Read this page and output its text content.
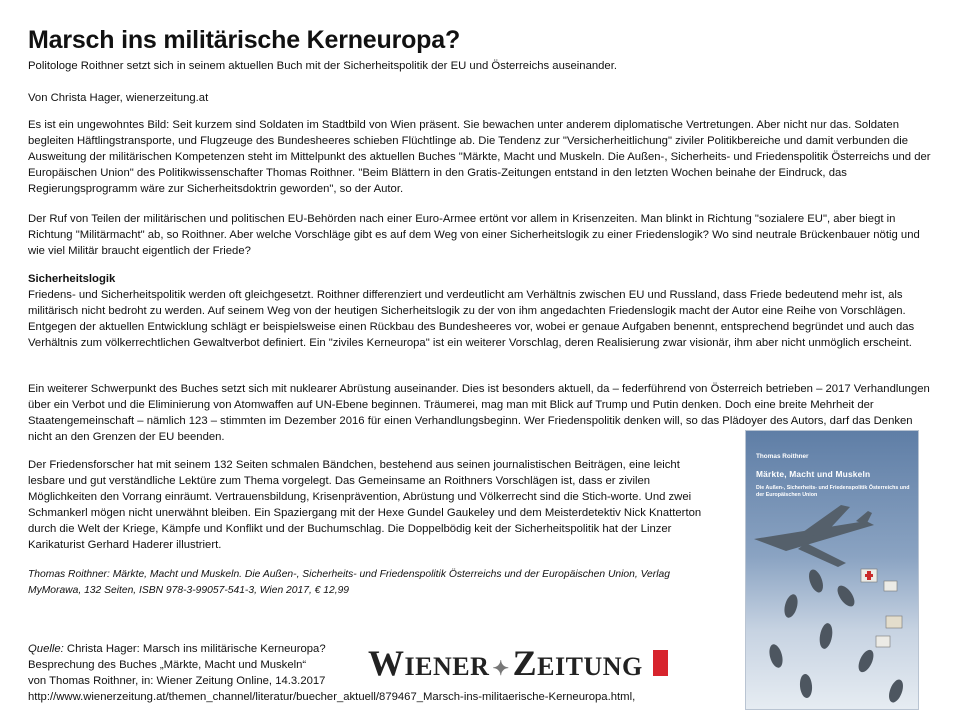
Marsch ins militärische Kerneuropa?

Politologe Roithner setzt sich in seinem aktuellen Buch mit der Sicherheitspolitik der EU und Österreichs auseinander.

Von Christa Hager, wienerzeitung.at

Es ist ein ungewohntes Bild: Seit kurzem sind Soldaten im Stadtbild von Wien präsent. Sie bewachen unter anderem diplomatische Vertretungen. Aber nicht nur das. Soldaten begleiten Häftlingstransporte, und Flugzeuge des Bundesheeres schieben Flüchtlinge ab. Die Tendenz zur "Versicherheitlichung" ziviler Politikbereiche und damit verbunden die Ausweitung der militärischen Kompetenzen steht im Mittelpunkt des aktuellen Buches "Märkte, Macht und Muskeln. Die Außen-, Sicherheits- und Friedenspolitik Österreichs und der Europäischen Union" des Politikwissenschafter Thomas Roithner. "Beim Blättern in den Gratis-Zeitungen entstand in den letzten Wochen beinahe der Eindruck, das Regierungsprogramm wäre zur Sicherheitsdoktrin geworden", so der Autor.

Der Ruf von Teilen der militärischen und politischen EU-Behörden nach einer Euro-Armee ertönt vor allem in Krisenzeiten. Man blinkt in Richtung "sozialere EU", aber biegt in Richtung "Militärmacht" ab, so Roithner. Aber welche Vorschläge gibt es auf dem Weg von einer Sicherheitslogik zu einer Friedenslogik? Wo sind neutrale Brückenbauer nötig und wie viel Militär braucht eigentlich der Friede?

Sicherheitslogik
Friedens- und Sicherheitspolitik werden oft gleichgesetzt. Roithner differenziert und verdeutlicht am Verhältnis zwischen EU und Russland, dass Friede bedeutend mehr ist, als militärisch nicht bedroht zu werden. Auf seinem Weg von der heutigen Sicherheitslogik zu der von ihm angedachten Friedenslogik macht der Autor eine Reihe von Vorschlägen. Entgegen der aktuellen Entwicklung schlägt er beispielsweise einen Rückbau des Bundesheeres vor, wobei er genaue Aufgaben benennt, entsprechend begründet und auch das Verhältnis zum völkerrechtlichen Gewaltverbot definiert. Ein "ziviles Kerneuropa" ist ein weiterer Vorschlag, deren Realisierung zwar visionär, ihm aber nicht unmöglich erscheint.

Ein weiterer Schwerpunkt des Buches setzt sich mit nuklearer Abrüstung auseinander. Dies ist besonders aktuell, da – federführend von Österreich betrieben – 2017 Verhandlungen über ein Verbot und die Eliminierung von Atomwaffen auf UN-Ebene beginnen. Träumerei, mag man mit Blick auf Trump und Putin denken. Doch eine breite Mehrheit der Staatengemeinschaft – nämlich 123 – stimmten im Dezember 2016 für einen Verhandlungsbeginn. Wer Friedenspolitik denken will, so das Plädoyer des Autors, darf das Denken nicht an den Grenzen der EU beenden.

Der Friedensforscher hat mit seinem 132 Seiten schmalen Bändchen, bestehend aus seinen journalistischen Beiträgen, eine leicht lesbare und gut verständliche Lektüre zum Thema vorgelegt. Das Gemeinsame an Roithners Vorschlägen ist, dass er zivilen Möglichkeiten den Vorrang einräumt. Vertrauensbildung, Krisenprävention, Abrüstung und Völkerrecht sind die Stich-worte. Und zwei Schmankerl mögen nicht unerwähnt bleiben. Ein Spaziergang mit der Hexe Gundel Gaukeley und dem Meisterdetektiv Nick Knatterton durch die Welt der Kriege, Kämpfe und Konflikt und der Buchumschlag. Die Doppelbödig keit der Sicherheitspolitik hat der Linzer Karikaturist Gerhard Haderer illustriert.

Thomas Roithner: Märkte, Macht und Muskeln. Die Außen-, Sicherheits- und Friedenspolitik Österreichs und der Europäischen Union, Verlag MyMorawa, 132 Seiten, ISBN 978-3-99057-541-3, Wien 2017, € 12,99

Quelle: Christa Hager: Marsch ins militärische Kerneuropa?
Besprechung des Buches „Märkte, Macht und Muskeln“
von Thomas Roithner, in: Wiener Zeitung Online, 14.3.2017
http://www.wienerzeitung.at/themen_channel/literatur/buecher_aktuell/879467_Marsch-ins-militaerische-Kerneuropa.html,
WIENER ✦ZEITUNG
Thomas Roithner
Märkte, Macht und Muskeln
Die Außen-, Sicherheits- und Friedenspolitik Österreichs und der Europäischen Union
